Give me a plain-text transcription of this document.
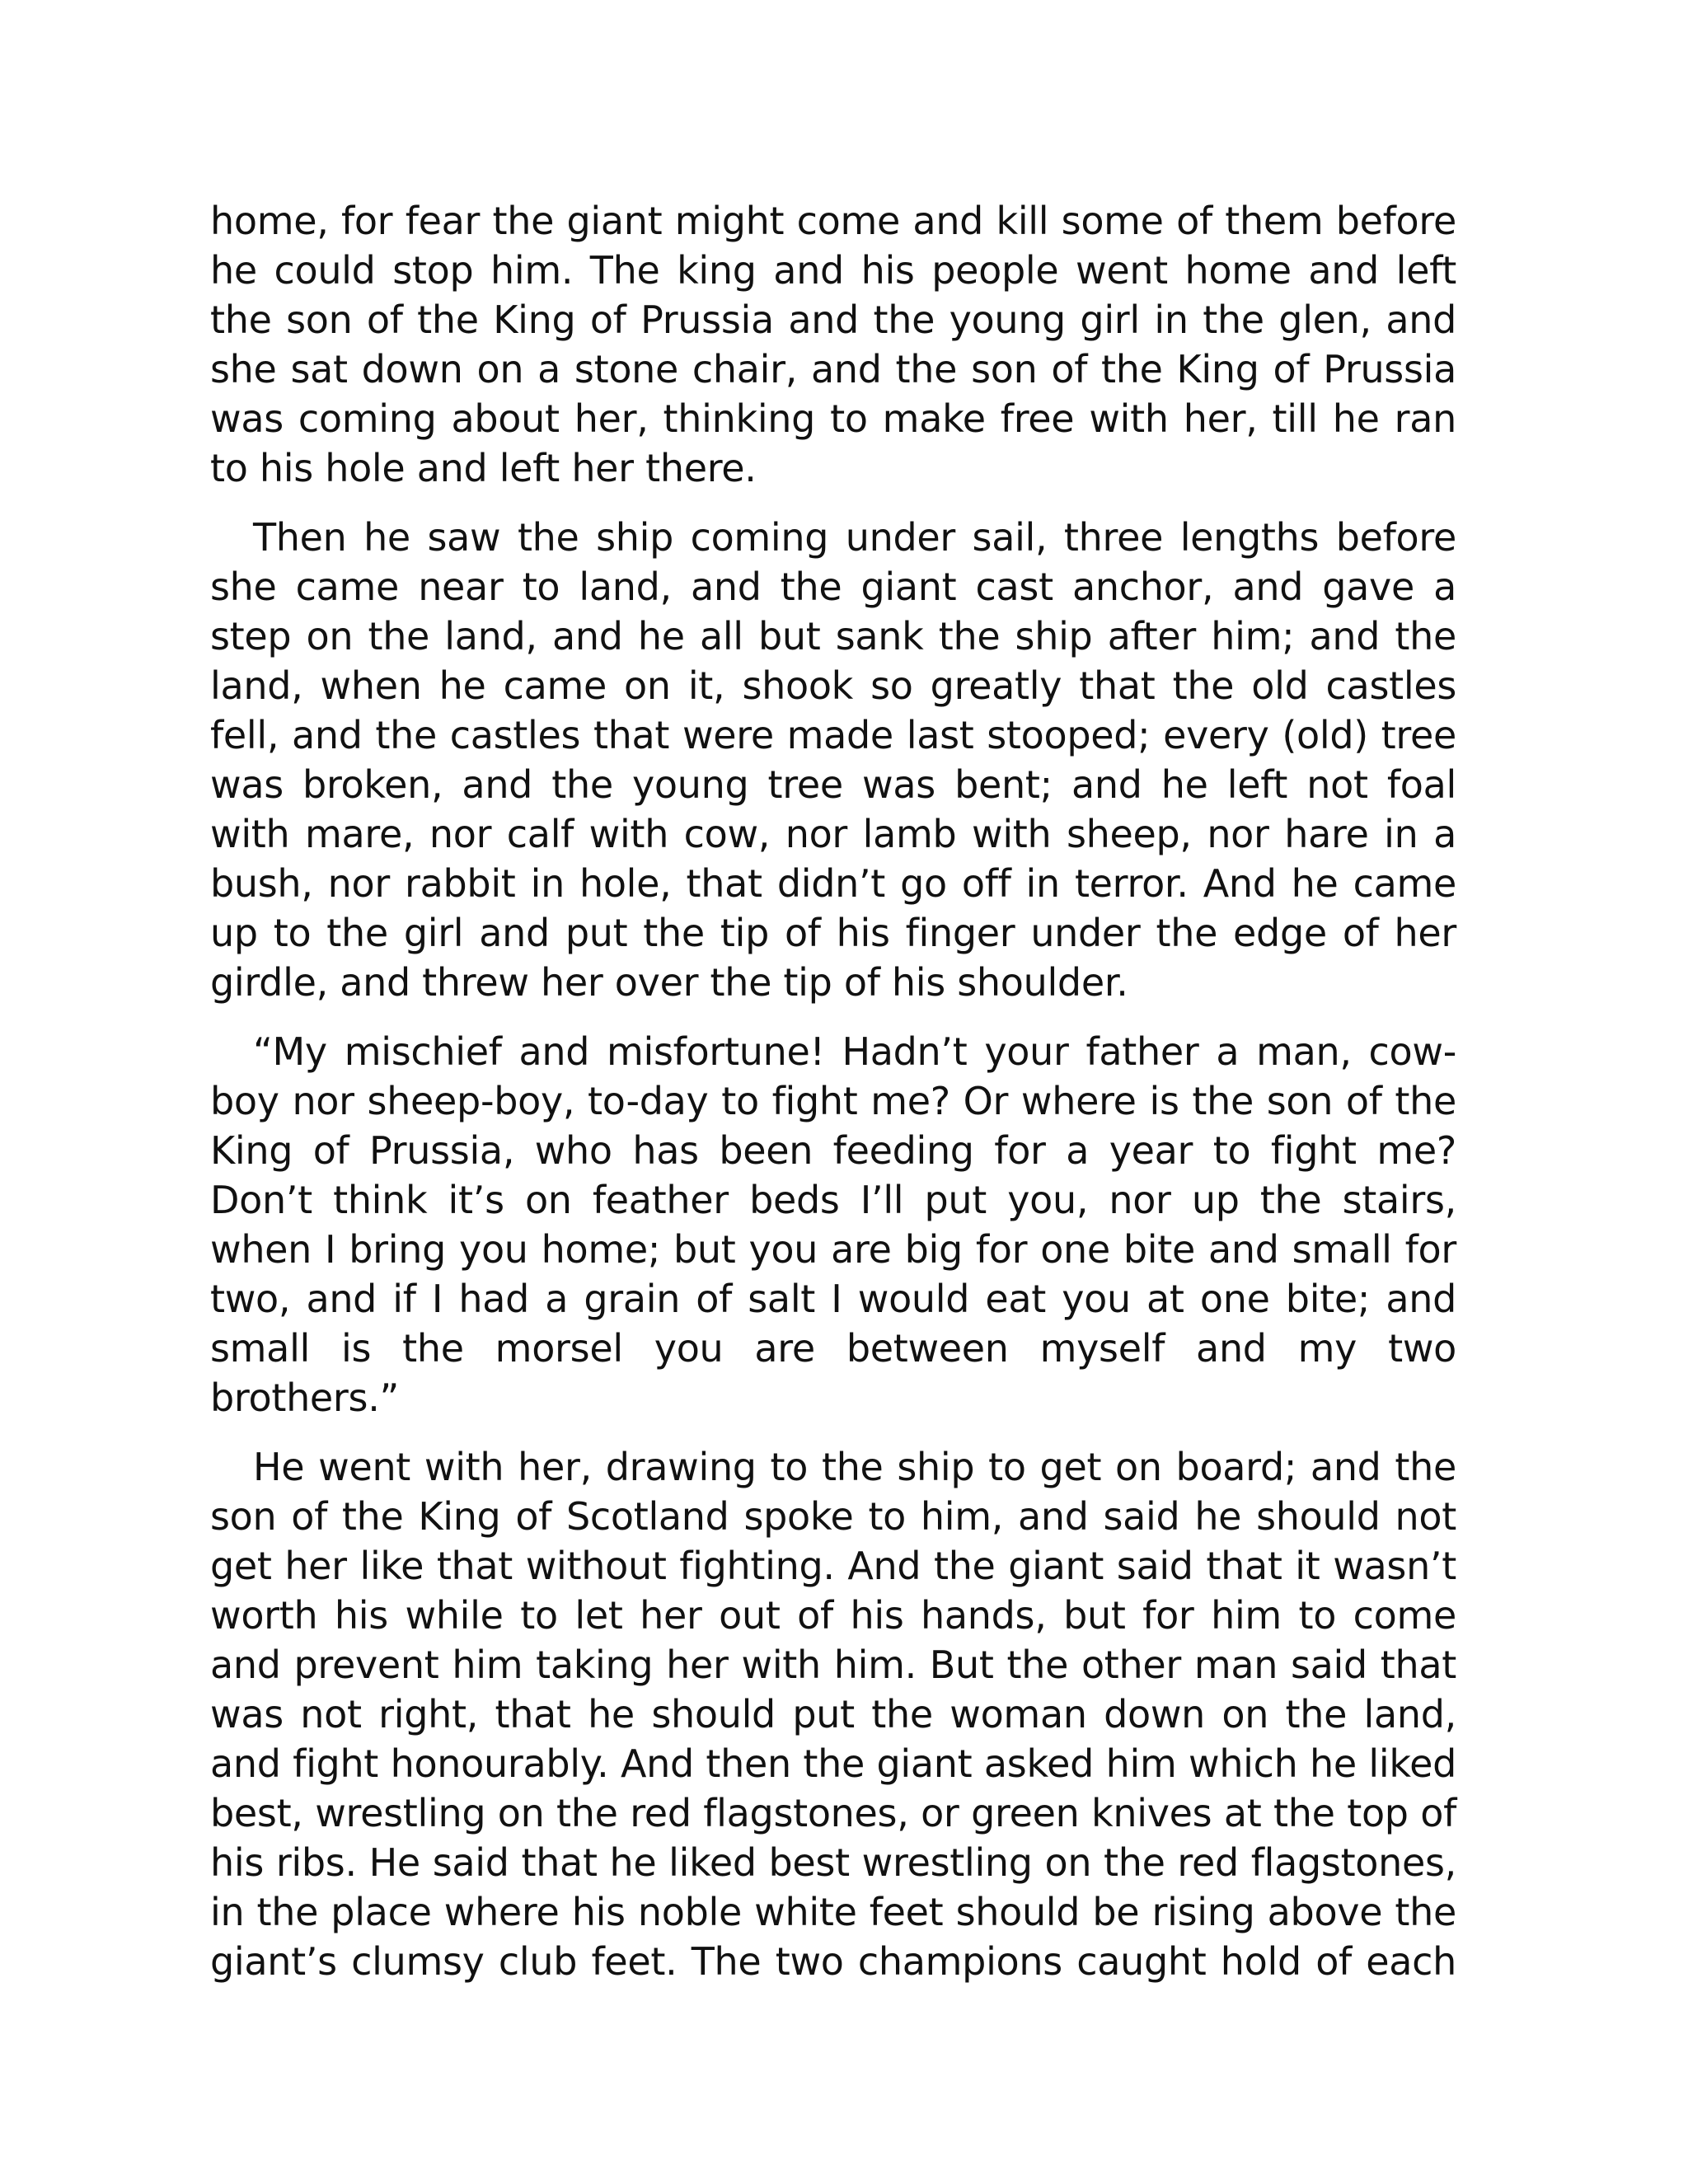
home, for fear the giant might come and kill some of them before he could stop him. The king and his people went home and left the son of the King of Prussia and the young girl in the glen, and she sat down on a stone chair, and the son of the King of Prussia was coming about her, thinking to make free with her, till he ran to his hole and left her there.

Then he saw the ship coming under sail, three lengths before she came near to land, and the giant cast anchor, and gave a step on the land, and he all but sank the ship after him; and the land, when he came on it, shook so greatly that the old castles fell, and the castles that were made last stooped; every (old) tree was broken, and the young tree was bent; and he left not foal with mare, nor calf with cow, nor lamb with sheep, nor hare in a bush, nor rabbit in hole, that didn’t go off in terror. And he came up to the girl and put the tip of his finger under the edge of her girdle, and threw her over the tip of his shoulder.

“My mischief and misfortune! Hadn’t your father a man, cow-boy nor sheep-boy, to-day to fight me? Or where is the son of the King of Prussia, who has been feeding for a year to fight me? Don’t think it’s on feather beds I’ll put you, nor up the stairs, when I bring you home; but you are big for one bite and small for two, and if I had a grain of salt I would eat you at one bite; and small is the morsel you are between myself and my two brothers.”

He went with her, drawing to the ship to get on board; and the son of the King of Scotland spoke to him, and said he should not get her like that without fighting. And the giant said that it wasn’t worth his while to let her out of his hands, but for him to come and prevent him taking her with him. But the other man said that was not right, that he should put the woman down on the land, and fight honourably. And then the giant asked him which he liked best, wrestling on the red flagstones, or green knives at the top of his ribs. He said that he liked best wrestling on the red flagstones, in the place where his noble white feet should be rising above the giant’s clumsy club feet. The two champions caught hold of each
